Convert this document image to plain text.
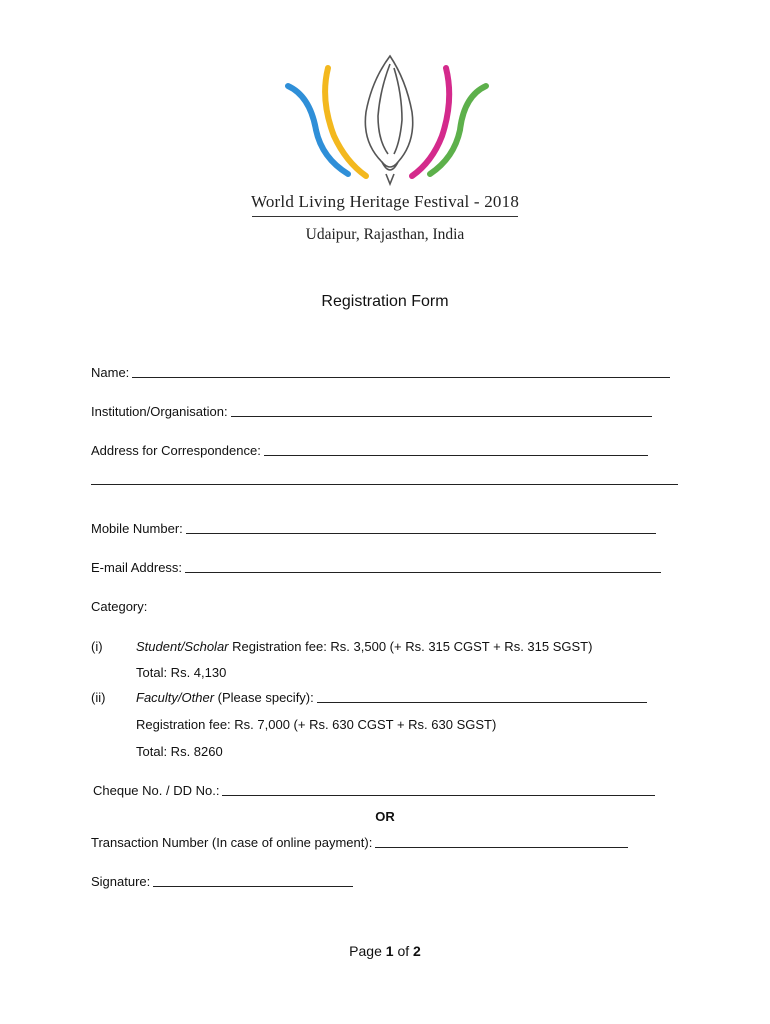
World Living Heritage Festival - 2018
Udaipur, Rajasthan, India
Registration Form
Name:
Institution/Organisation:
Address for Correspondence:
Mobile Number:
E-mail Address:
Category:
(i)	Student/Scholar
Registration fee: Rs. 3,500 (+ Rs. 315 CGST + Rs. 315 SGST)
Total: Rs. 4,130
(ii) Faculty/Other
(Please specify):
Registration fee: Rs. 7,000 (+ Rs. 630 CGST + Rs. 630 SGST)
Total: Rs. 8260
Cheque No. / DD No.:
OR
Transaction Number (In case of online payment):
Signature:
Page 1 of 2
